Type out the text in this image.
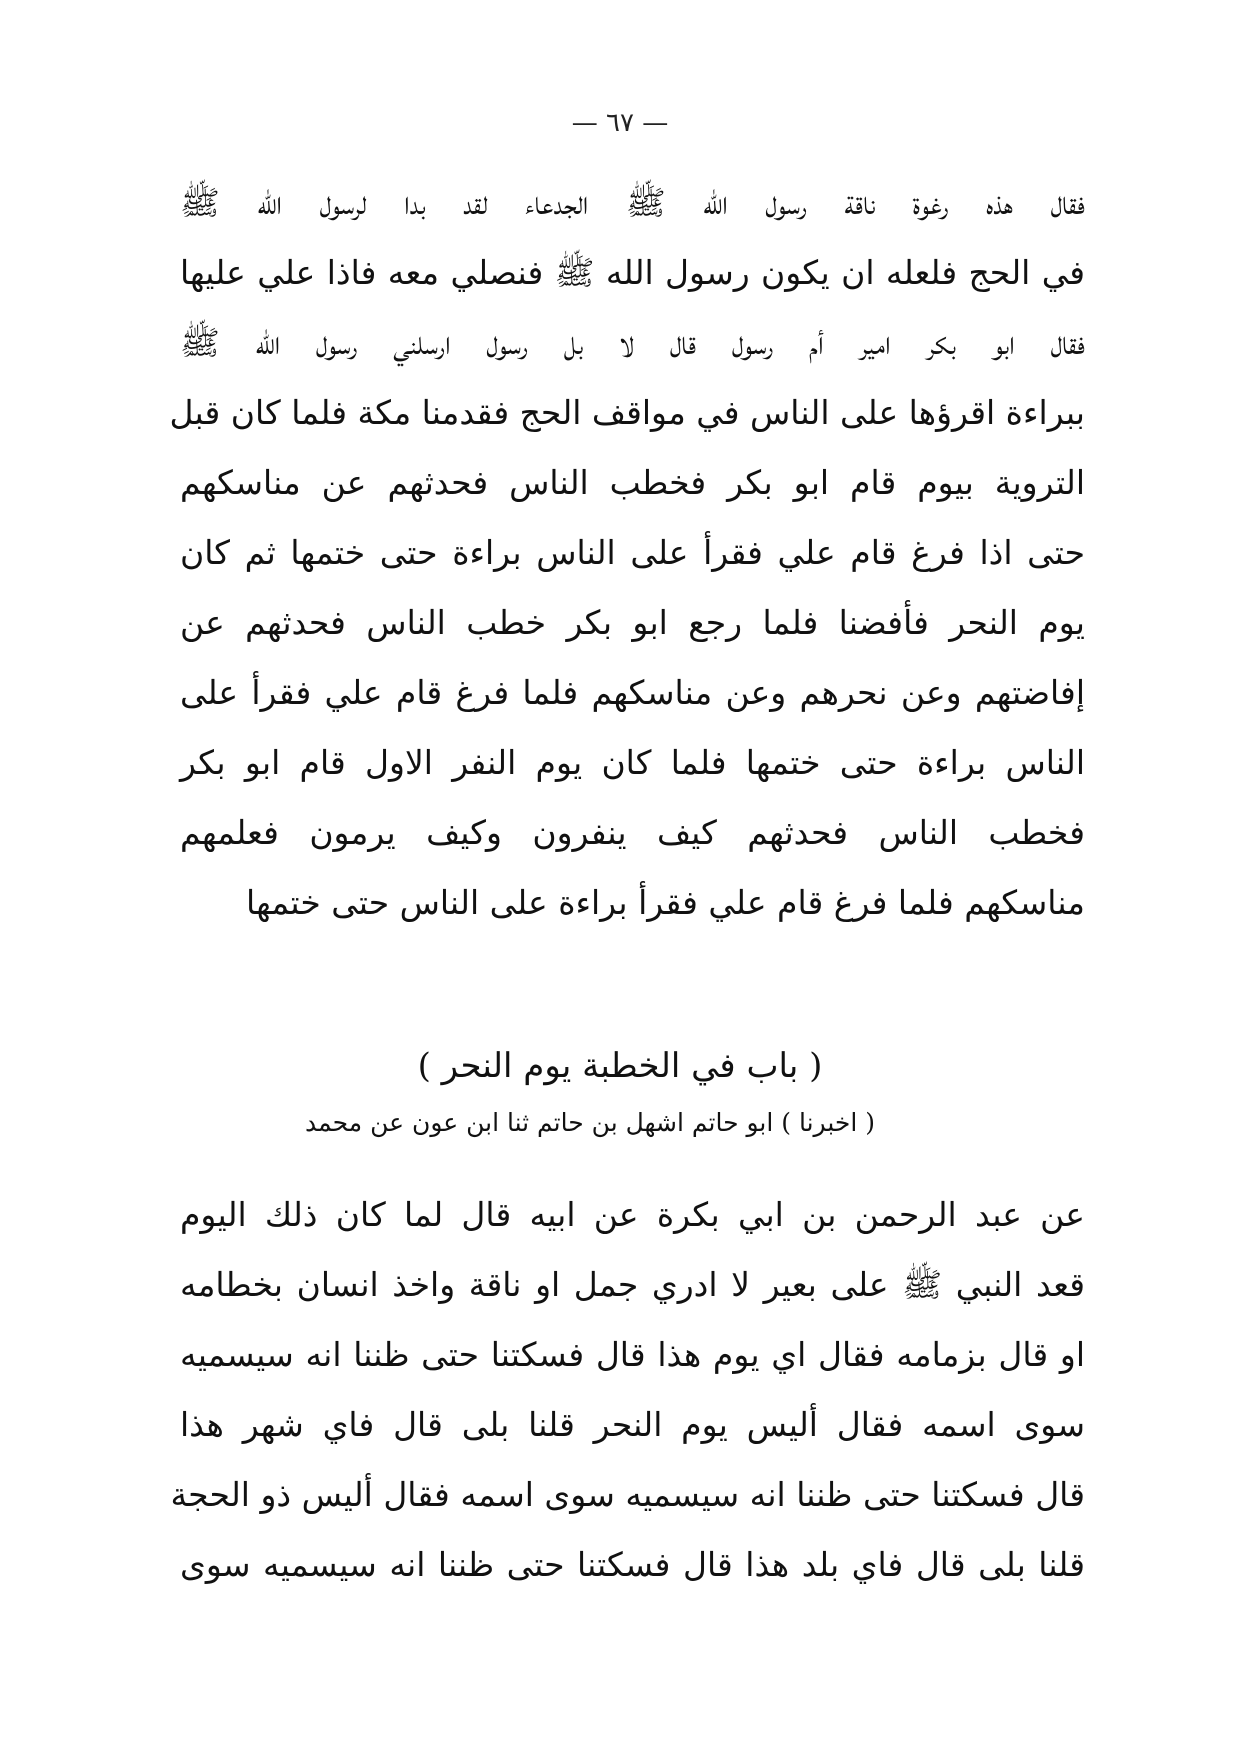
— ٦٧ —
فقال هذه رغوة ناقة رسول الله ﷺ الجدعاء لقد بدا لرسول الله ﷺ
في الحج فلعله ان يكون رسول الله ﷺ فنصلي معه فاذا علي عليها
فقال ابو بكر امير أم رسول قال لا بل رسول ارسلني رسول الله ﷺ
ببراءة اقرؤها على الناس في مواقف الحج فقدمنا مكة فلما كان قبل
التروية بيوم قام ابو بكر فخطب الناس فحدثهم عن مناسكهم
حتى اذا فرغ قام علي فقرأ على الناس براءة حتى ختمها ثم كان
يوم النحر فأفضنا فلما رجع ابو بكر خطب الناس فحدثهم عن
إفاضتهم وعن نحرهم وعن مناسكهم فلما فرغ قام علي فقرأ على
الناس براءة حتى ختمها فلما كان يوم النفر الاول قام ابو بكر
فخطب الناس فحدثهم كيف ينفرون وكيف يرمون فعلمهم
مناسكهم فلما فرغ قام علي فقرأ براءة على الناس حتى ختمها
( باب في الخطبة يوم النحر )
( اخبرنا ) ابو حاتم اشهل بن حاتم ثنا ابن عون عن محمد
عن عبد الرحمن بن ابي بكرة عن ابيه قال لما كان ذلك اليوم
قعد النبي ﷺ على بعير لا ادري جمل او ناقة واخذ انسان بخطامه
او قال بزمامه فقال اي يوم هذا قال فسكتنا حتى ظننا انه سيسميه
سوى اسمه فقال أليس يوم النحر قلنا بلى قال فاي شهر هذا
قال فسكتنا حتى ظننا انه سيسميه سوى اسمه فقال أليس ذو الحجة
قلنا بلى قال فاي بلد هذا قال فسكتنا حتى ظننا انه سيسميه سوى
